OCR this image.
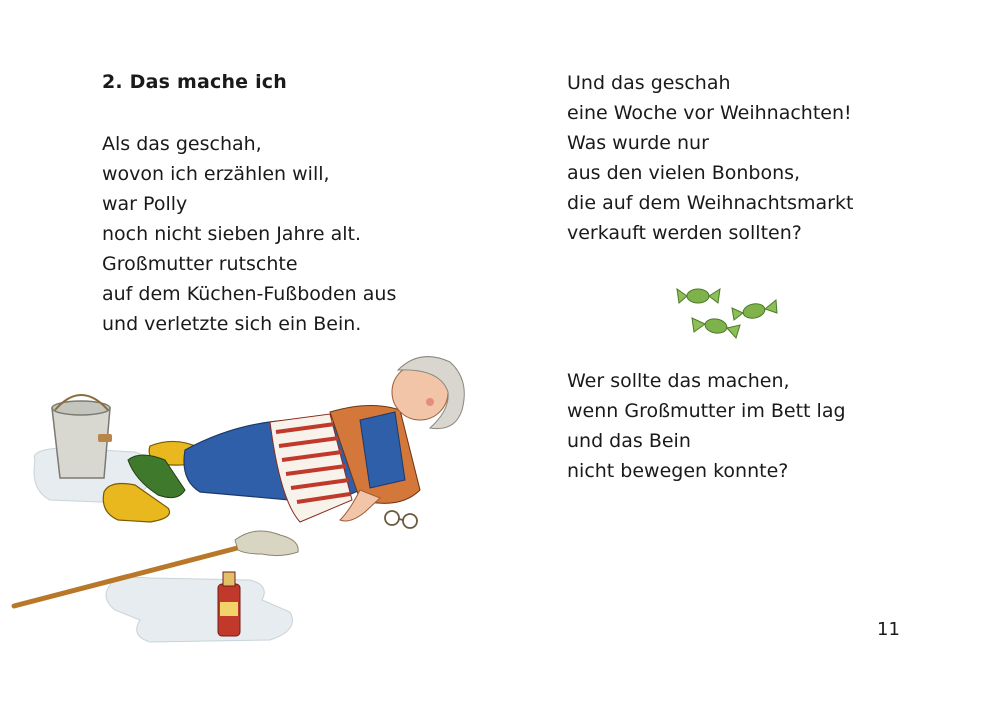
2. Das mache ich
Als das geschah,
wovon ich erzählen will,
war Polly
noch nicht sieben Jahre alt.
Großmutter rutschte
auf dem Küchen-Fußboden aus
und verletzte sich ein Bein.
Und das geschah
eine Woche vor Weihnachten!
Was wurde nur
aus den vielen Bonbons,
die auf dem Weihnachtsmarkt
verkauft werden sollten?
Wer sollte das machen,
wenn Großmutter im Bett lag
und das Bein
nicht bewegen konnte?
11
